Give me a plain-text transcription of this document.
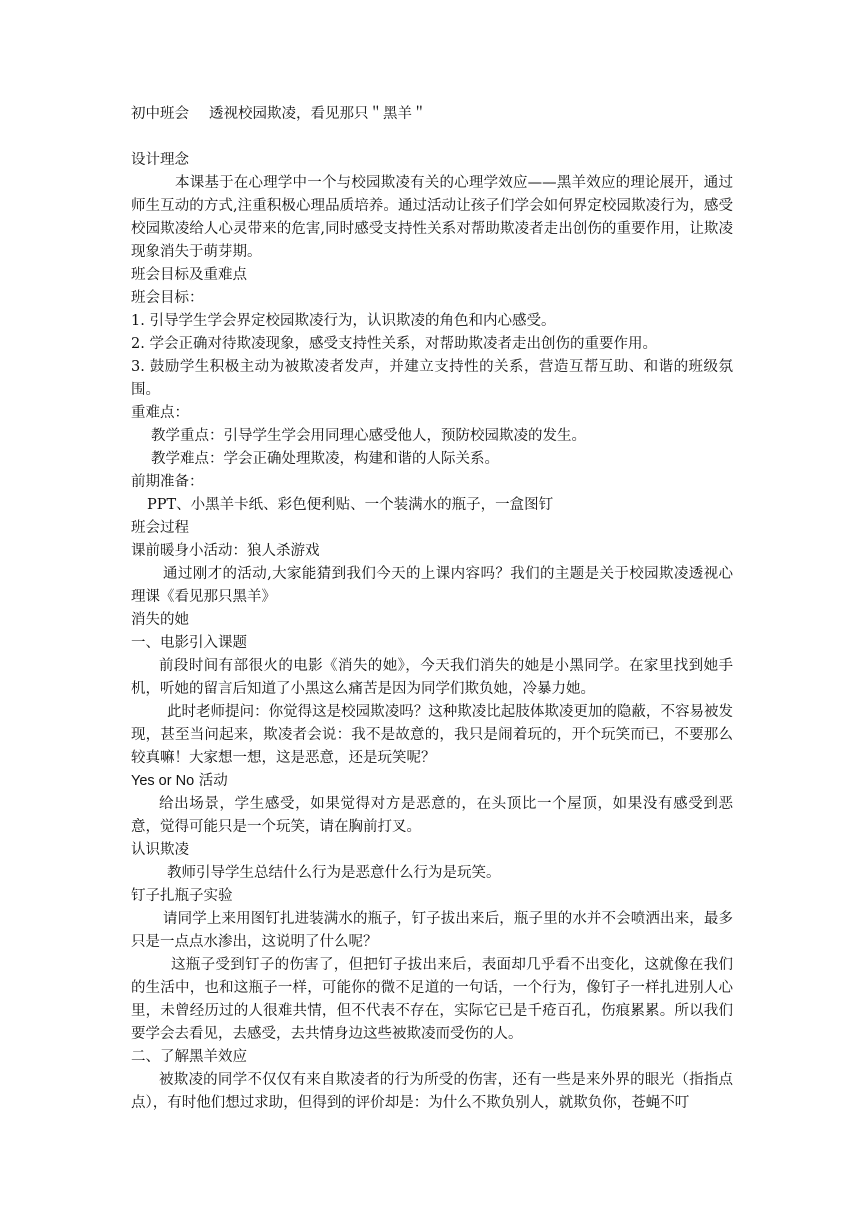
初中班会 透视校园欺凌，看见那只＂黑羊＂
设计理念
本课基于在心理学中一个与校园欺凌有关的心理学效应——黑羊效应的理论展开，通过师生互动的方式,注重积极心理品质培养。通过活动让孩子们学会如何界定校园欺凌行为，感受校园欺凌给人心灵带来的危害,同时感受支持性关系对帮助欺凌者走出创伤的重要作用，让欺凌现象消失于萌芽期。
班会目标及重难点
班会目标：
1. 引导学生学会界定校园欺凌行为，认识欺凌的角色和内心感受。
2. 学会正确对待欺凌现象，感受支持性关系，对帮助欺凌者走出创伤的重要作用。
3. 鼓励学生积极主动为被欺凌者发声，并建立支持性的关系，营造互帮互助、和谐的班级氛围。
重难点：
教学重点：引导学生学会用同理心感受他人，预防校园欺凌的发生。
教学难点：学会正确处理欺凌，构建和谐的人际关系。
前期准备：
PPT、小黑羊卡纸、彩色便利贴、一个装满水的瓶子，一盒图钉
班会过程
课前暖身小活动：狼人杀游戏
通过刚才的活动,大家能猜到我们今天的上课内容吗？我们的主题是关于校园欺凌透视心理课《看见那只黑羊》
消失的她
一、电影引入课题
前段时间有部很火的电影《消失的她》，今天我们消失的她是小黑同学。在家里找到她手机，听她的留言后知道了小黑这么痛苦是因为同学们欺负她，冷暴力她。
此时老师提问：你觉得这是校园欺凌吗？这种欺凌比起肢体欺凌更加的隐蔽，不容易被发现，甚至当问起来，欺凌者会说：我不是故意的，我只是闹着玩的，开个玩笑而已，不要那么较真嘛！大家想一想，这是恶意，还是玩笑呢？
Yes or No 活动
给出场景，学生感受，如果觉得对方是恶意的，在头顶比一个屋顶，如果没有感受到恶意，觉得可能只是一个玩笑，请在胸前打叉。
认识欺凌
教师引导学生总结什么行为是恶意什么行为是玩笑。
钉子扎瓶子实验
请同学上来用图钉扎进装满水的瓶子，钉子拔出来后，瓶子里的水并不会喷洒出来，最多只是一点点水渗出，这说明了什么呢？
这瓶子受到钉子的伤害了，但把钉子拔出来后，表面却几乎看不出变化，这就像在我们的生活中，也和这瓶子一样，可能你的微不足道的一句话，一个行为，像钉子一样扎进别人心里，未曾经历过的人很难共情，但不代表不存在，实际它已是千疮百孔，伤痕累累。所以我们要学会去看见，去感受，去共情身边这些被欺凌而受伤的人。
二、了解黑羊效应
被欺凌的同学不仅仅有来自欺凌者的行为所受的伤害，还有一些是来外界的眼光（指指点点），有时他们想过求助，但得到的评价却是：为什么不欺负别人，就欺负你，苍蝇不叮
